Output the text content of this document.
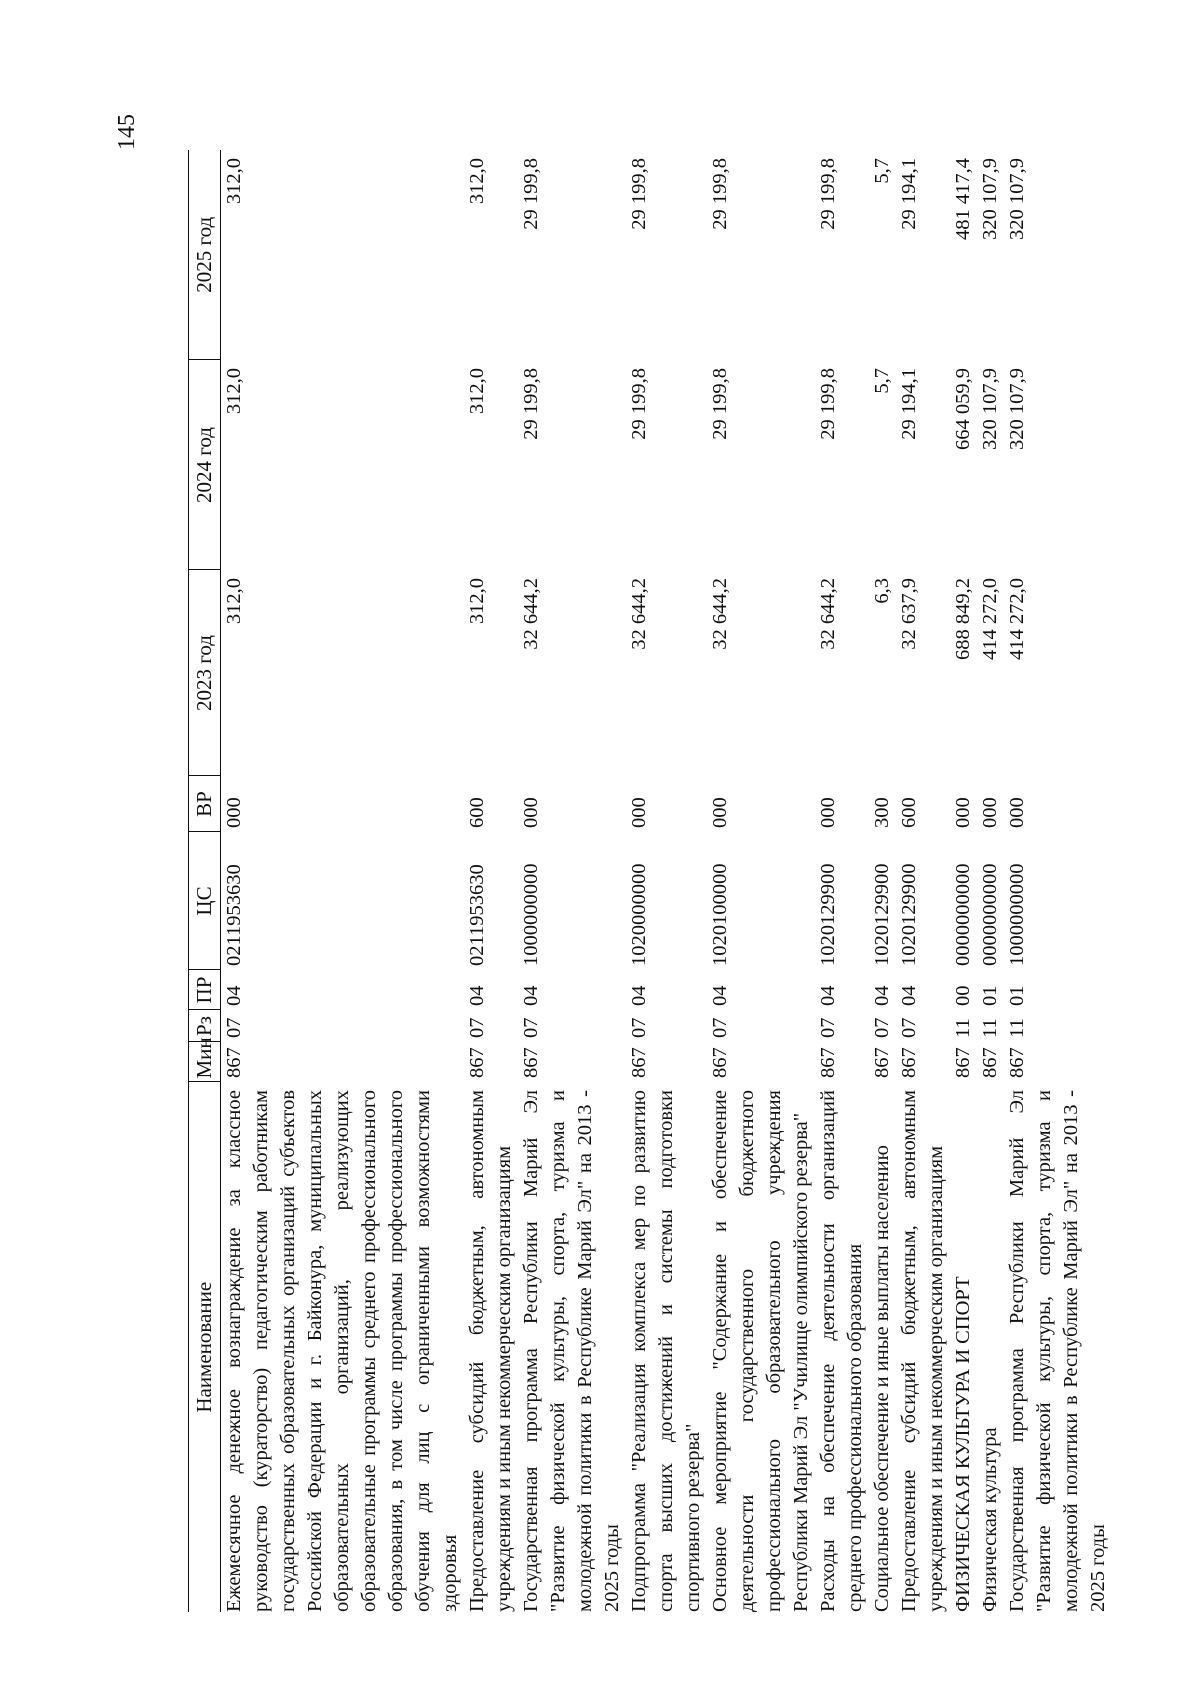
145
Наименование	Мин	Рз	ПР	ЦС	ВР	2023 год	2024 год	2025 год
Ежемесячное денежное вознаграждение за классное руководство (кураторство) педагогическим работникам государственных образовательных организаций субъектов Российской Федерации и г. Байконура, муниципальных образовательных организаций, реализующих образовательные программы среднего профессионального образования, в том числе программы профессионального обучения для лиц с ограниченными возможностями здоровья	867	07	04	0211953630	000	312,0	312,0	312,0
Предоставление субсидий бюджетным, автономным учреждениям и иным некоммерческим организациям	867	07	04	0211953630	600	312,0	312,0	312,0
Государственная программа Республики Марий Эл "Развитие физической культуры, спорта, туризма и молодежной политики в Республике Марий Эл" на 2013 - 2025 годы	867	07	04	1000000000	000	32 644,2	29 199,8	29 199,8
Подпрограмма "Реализация комплекса мер по развитию спорта высших достижений и системы подготовки спортивного резерва"	867	07	04	1020000000	000	32 644,2	29 199,8	29 199,8
Основное мероприятие "Содержание и обеспечение деятельности государственного бюджетного профессионального образовательного учреждения Республики Марий Эл "Училище олимпийского резерва"	867	07	04	1020100000	000	32 644,2	29 199,8	29 199,8
Расходы на обеспечение деятельности организаций среднего профессионального образования	867	07	04	1020129900	000	32 644,2	29 199,8	29 199,8
Социальное обеспечение и иные выплаты населению	867	07	04	1020129900	300	6,3	5,7	5,7
Предоставление субсидий бюджетным, автономным учреждениям и иным некоммерческим организациям	867	07	04	1020129900	600	32 637,9	29 194,1	29 194,1
ФИЗИЧЕСКАЯ КУЛЬТУРА И СПОРТ	867	11	00	0000000000	000	688 849,2	664 059,9	481 417,4
Физическая культура	867	11	01	0000000000	000	414 272,0	320 107,9	320 107,9
Государственная программа Республики Марий Эл "Развитие физической культуры, спорта, туризма и молодежной политики в Республике Марий Эл" на 2013 - 2025 годы	867	11	01	1000000000	000	414 272,0	320 107,9	320 107,9
